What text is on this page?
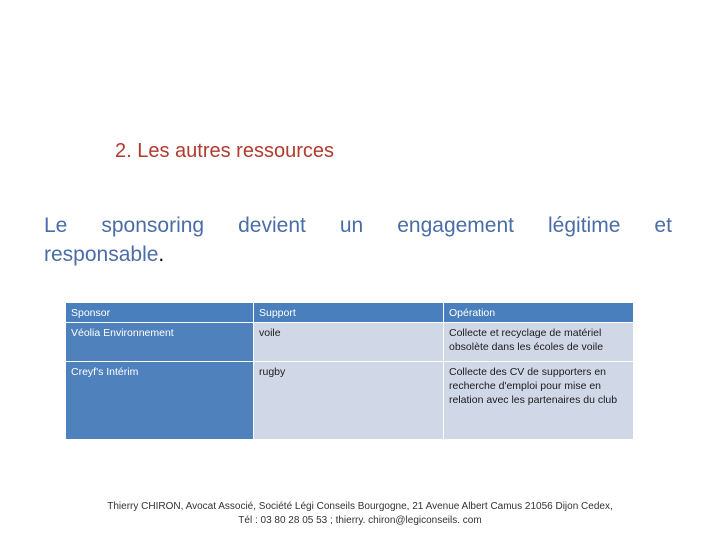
2. Les autres ressources
Le sponsoring devient un engagement légitime et
responsable.
Sponsor	Support	Opération
Véolia Environnement	voile	Collecte et recyclage de matériel obsolète dans les écoles de voile
Creyf's Intérim	rugby	Collecte des CV de supporters en recherche d'emploi pour mise en relation avec les partenaires du club
Thierry CHIRON, Avocat Associé, Société Légi Conseils Bourgogne, 21 Avenue Albert Camus 21056 Dijon Cedex,
Tél : 03 80 28 05 53 ; thierry. chiron@legiconseils. com
